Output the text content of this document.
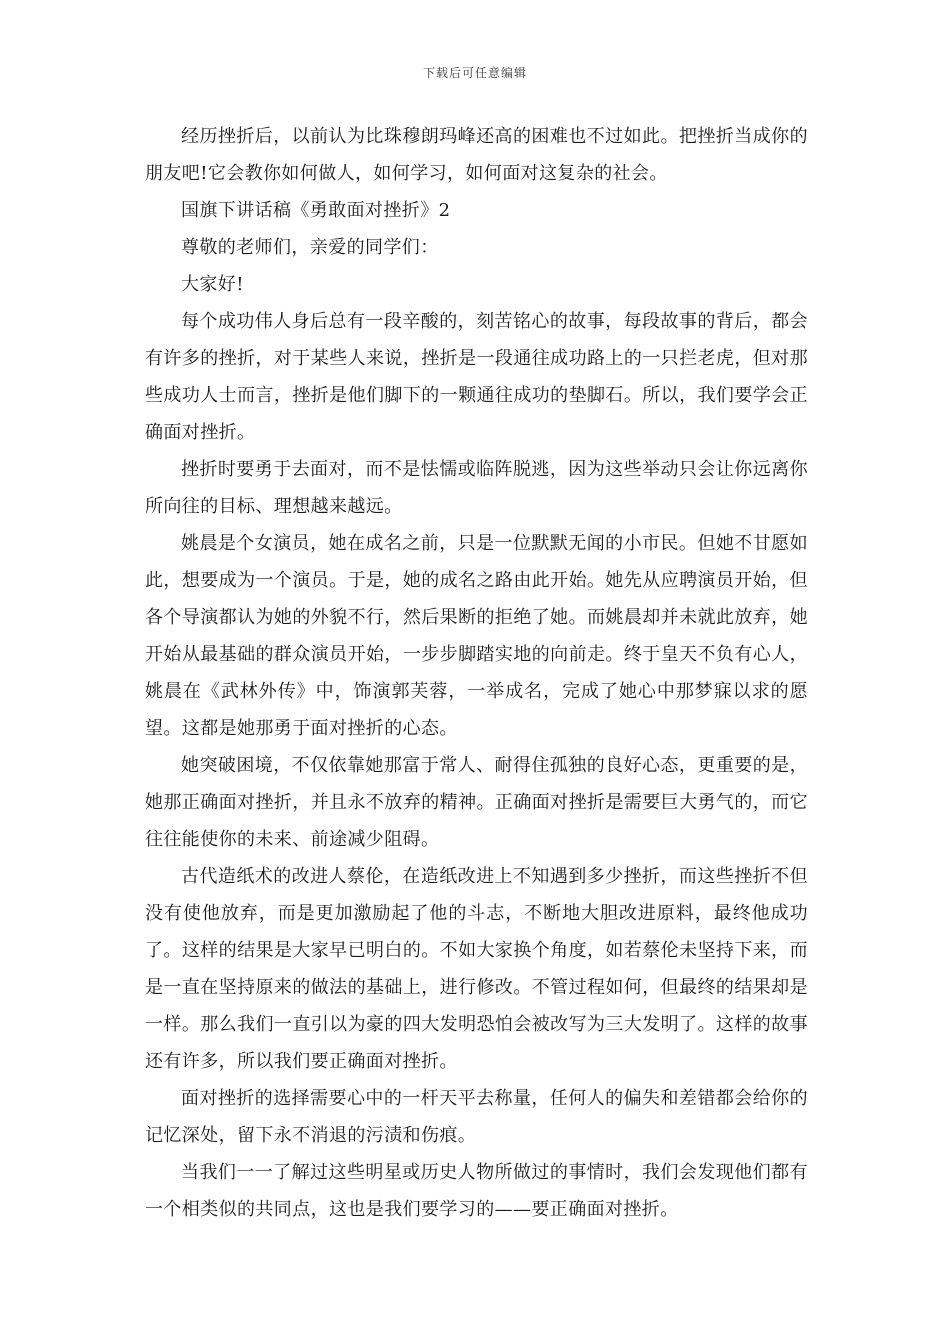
下载后可任意编辑

经历挫折后，以前认为比珠穆朗玛峰还高的困难也不过如此。把挫折当成你的朋友吧!它会教你如何做人，如何学习，如何面对这复杂的社会。

国旗下讲话稿《勇敢面对挫折》2

尊敬的老师们，亲爱的同学们：

大家好!

每个成功伟人身后总有一段辛酸的，刻苦铭心的故事，每段故事的背后，都会有许多的挫折，对于某些人来说，挫折是一段通往成功路上的一只拦老虎，但对那些成功人士而言，挫折是他们脚下的一颗通往成功的垫脚石。所以，我们要学会正确面对挫折。

挫折时要勇于去面对，而不是怯懦或临阵脱逃，因为这些举动只会让你远离你所向往的目标、理想越来越远。

姚晨是个女演员，她在成名之前，只是一位默默无闻的小市民。但她不甘愿如此，想要成为一个演员。于是，她的成名之路由此开始。她先从应聘演员开始，但各个导演都认为她的外貌不行，然后果断的拒绝了她。而姚晨却并未就此放弃，她开始从最基础的群众演员开始，一步步脚踏实地的向前走。终于皇天不负有心人，姚晨在《武林外传》中，饰演郭芙蓉，一举成名，完成了她心中那梦寐以求的愿望。这都是她那勇于面对挫折的心态。

她突破困境，不仅依靠她那富于常人、耐得住孤独的良好心态，更重要的是，她那正确面对挫折，并且永不放弃的精神。正确面对挫折是需要巨大勇气的，而它往往能使你的未来、前途减少阻碍。

古代造纸术的改进人蔡伦，在造纸改进上不知遇到多少挫折，而这些挫折不但没有使他放弃，而是更加激励起了他的斗志，不断地大胆改进原料，最终他成功了。这样的结果是大家早已明白的。不如大家换个角度，如若蔡伦未坚持下来，而是一直在坚持原来的做法的基础上，进行修改。不管过程如何，但最终的结果却是一样。那么我们一直引以为豪的四大发明恐怕会被改写为三大发明了。这样的故事还有许多，所以我们要正确面对挫折。

面对挫折的选择需要心中的一杆天平去称量，任何人的偏失和差错都会给你的记忆深处，留下永不消退的污渍和伤痕。

当我们一一了解过这些明星或历史人物所做过的事情时，我们会发现他们都有一个相类似的共同点，这也是我们要学习的——要正确面对挫折。
